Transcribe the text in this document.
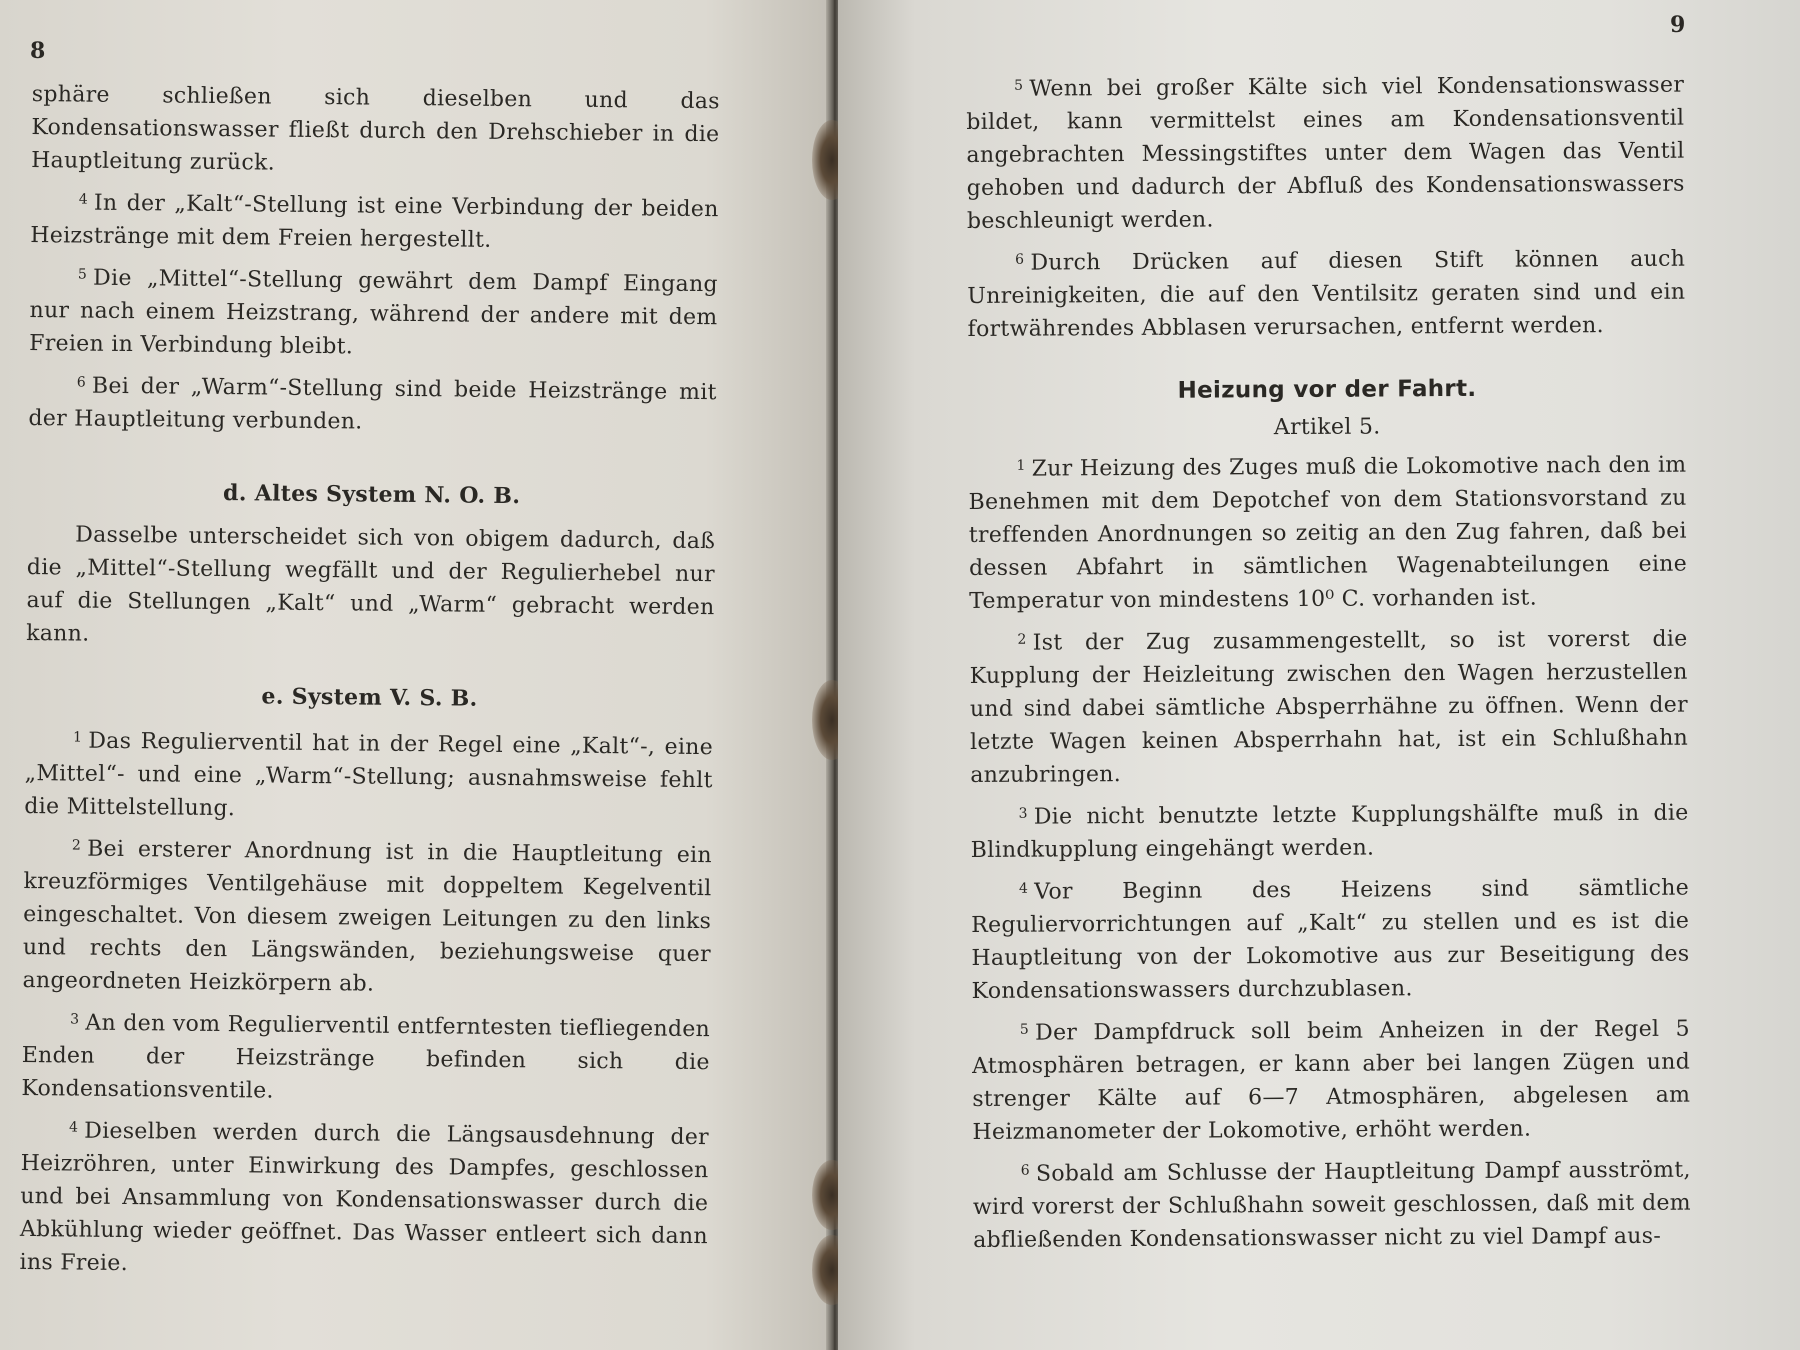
8

sphäre schließen sich dieselben und das Kondensationswasser fließt durch den Drehschieber in die Hauptleitung zurück.

$^4$ In der „Kalt“-Stellung ist eine Verbindung der beiden Heizstränge mit dem Freien hergestellt.

$^5$ Die „Mittel“-Stellung gewährt dem Dampf Eingang nur nach einem Heizstrang, während der andere mit dem Freien in Verbindung bleibt.

$^6$ Bei der „Warm“-Stellung sind beide Heizstränge mit der Hauptleitung verbunden.

d. Altes System N. O. B.

Dasselbe unterscheidet sich von obigem dadurch, daß die „Mittel“-Stellung wegfällt und der Regulierhebel nur auf die Stellungen „Kalt“ und „Warm“ gebracht werden kann.

e. System V. S. B.

$^1$ Das Regulierventil hat in der Regel eine „Kalt“-, eine „Mittel“- und eine „Warm“-Stellung; ausnahmsweise fehlt die Mittelstellung.

$^2$ Bei ersterer Anordnung ist in die Hauptleitung ein kreuzförmiges Ventilgehäuse mit doppeltem Kegelventil eingeschaltet. Von diesem zweigen Leitungen zu den links und rechts den Längswänden, beziehungsweise quer angeordneten Heizkörpern ab.

$^3$ An den vom Regulierventil entferntesten tiefliegenden Enden der Heizstränge befinden sich die Kondensationsventile.

$^4$ Dieselben werden durch die Längsausdehnung der Heizröhren, unter Einwirkung des Dampfes, geschlossen und bei Ansammlung von Kondensationswasser durch die Abkühlung wieder geöffnet. Das Wasser entleert sich dann ins Freie.

9

$^5$ Wenn bei großer Kälte sich viel Kondensationswasser bildet, kann vermittelst eines am Kondensationsventil angebrachten Messingstiftes unter dem Wagen das Ventil gehoben und dadurch der Abfluß des Kondensationswassers beschleunigt werden.

$^6$ Durch Drücken auf diesen Stift können auch Unreinigkeiten, die auf den Ventilsitz geraten sind und ein fortwährendes Abblasen verursachen, entfernt werden.

Heizung vor der Fahrt.
Artikel 5.

$^1$ Zur Heizung des Zuges muß die Lokomotive nach den im Benehmen mit dem Depotchef von dem Stationsvorstand zu treffenden Anordnungen so zeitig an den Zug fahren, daß bei dessen Abfahrt in sämtlichen Wagenabteilungen eine Temperatur von mindestens 10⁰ C. vorhanden ist.

$^2$ Ist der Zug zusammengestellt, so ist vorerst die Kupplung der Heizleitung zwischen den Wagen herzustellen und sind dabei sämtliche Absperrhähne zu öffnen. Wenn der letzte Wagen keinen Absperrhahn hat, ist ein Schlußhahn anzubringen.

$^3$ Die nicht benutzte letzte Kupplungshälfte muß in die Blindkupplung eingehängt werden.

$^4$ Vor Beginn des Heizens sind sämtliche Reguliervorrichtungen auf „Kalt“ zu stellen und es ist die Hauptleitung von der Lokomotive aus zur Beseitigung des Kondensationswassers durchzublasen.

$^5$ Der Dampfdruck soll beim Anheizen in der Regel 5 Atmosphären betragen, er kann aber bei langen Zügen und strenger Kälte auf 6—7 Atmosphären, abgelesen am Heizmanometer der Lokomotive, erhöht werden.

$^6$ Sobald am Schlusse der Hauptleitung Dampf ausströmt, wird vorerst der Schlußhahn soweit geschlossen, daß mit dem abfließenden Kondensationswasser nicht zu viel Dampf aus-
